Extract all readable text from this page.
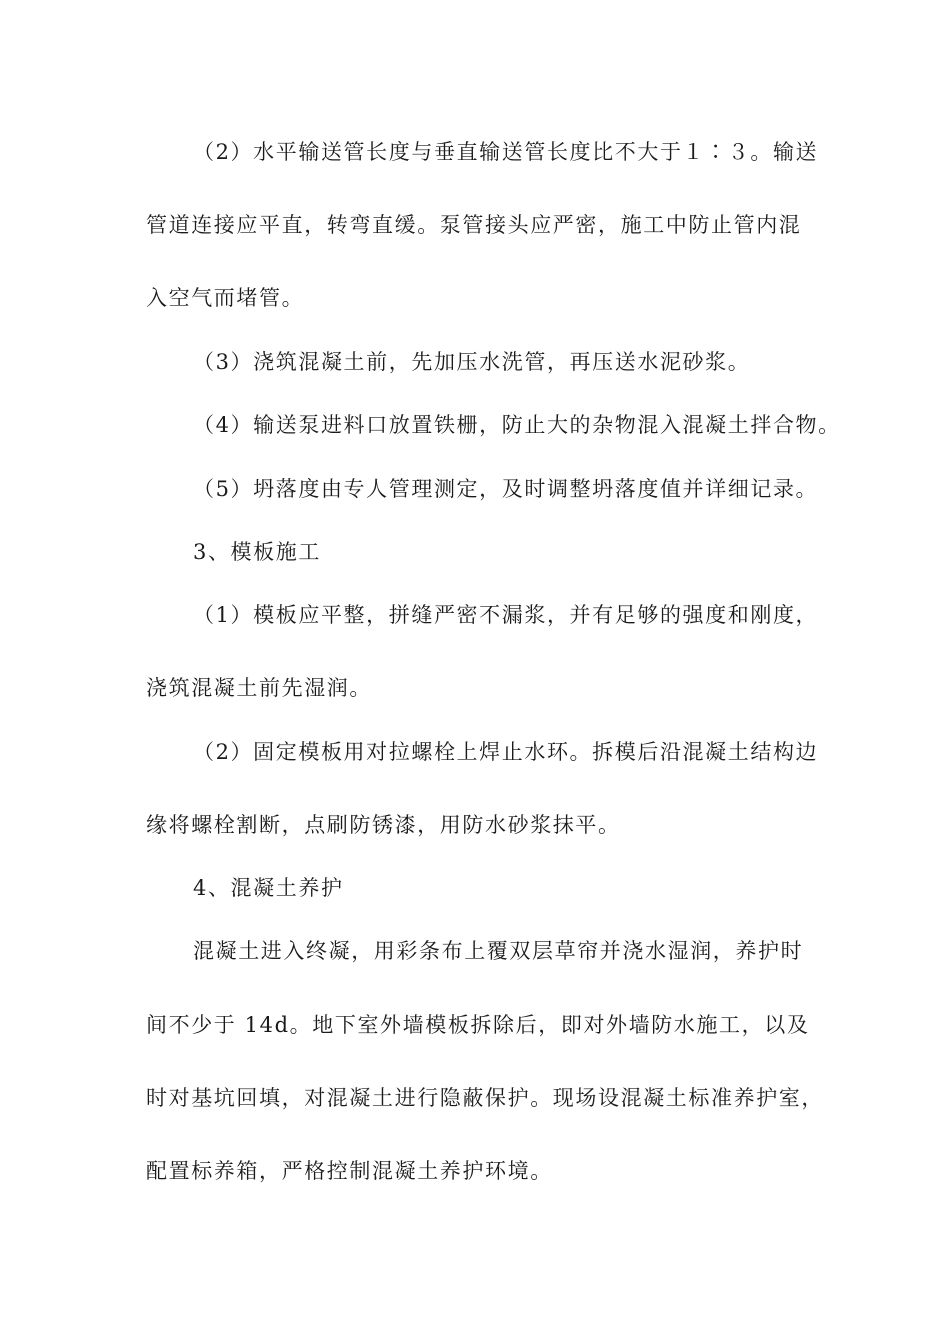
（2）水平输送管长度与垂直输送管长度比不大于１∶３。输送
管道连接应平直，转弯直缓。泵管接头应严密，施工中防止管内混
入空气而堵管。
（3）浇筑混凝土前，先加压水洗管，再压送水泥砂浆。
（4）输送泵进料口放置铁栅，防止大的杂物混入混凝土拌合物。
（5）坍落度由专人管理测定，及时调整坍落度值并详细记录。
3、模板施工
（1）模板应平整，拼缝严密不漏浆，并有足够的强度和刚度，
浇筑混凝土前先湿润。
（2）固定模板用对拉螺栓上焊止水环。拆模后沿混凝土结构边
缘将螺栓割断，点刷防锈漆，用防水砂浆抹平。
4、混凝土养护
混凝土进入终凝，用彩条布上覆双层草帘并浇水湿润，养护时
间不少于 14d。地下室外墙模板拆除后，即对外墙防水施工，以及
时对基坑回填，对混凝土进行隐蔽保护。现场设混凝土标准养护室，
配置标养箱，严格控制混凝土养护环境。
